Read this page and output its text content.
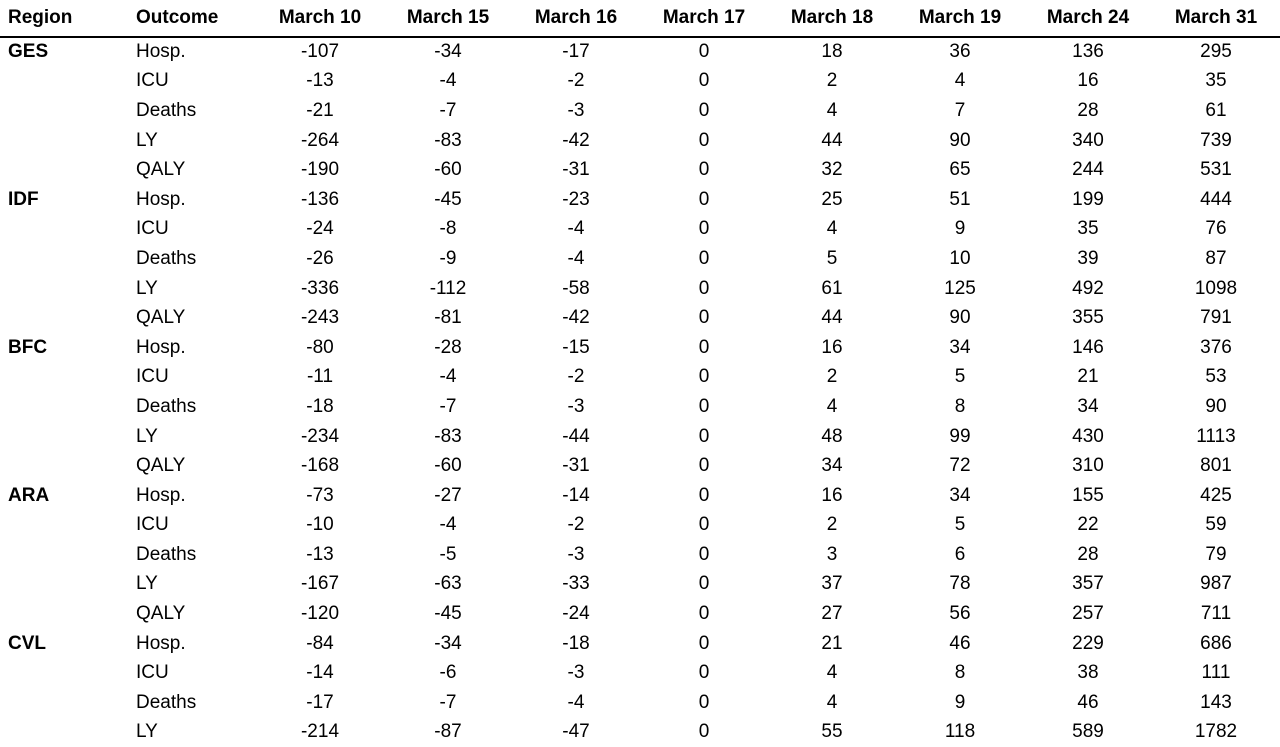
Region	Outcome	March 10	March 15	March 16	March 17	March 18	March 19	March 24	March 31
GES	Hosp.	-107	-34	-17	0	18	36	136	295
	ICU	-13	-4	-2	0	2	4	16	35
	Deaths	-21	-7	-3	0	4	7	28	61
	LY	-264	-83	-42	0	44	90	340	739
	QALY	-190	-60	-31	0	32	65	244	531
IDF	Hosp.	-136	-45	-23	0	25	51	199	444
	ICU	-24	-8	-4	0	4	9	35	76
	Deaths	-26	-9	-4	0	5	10	39	87
	LY	-336	-112	-58	0	61	125	492	1098
	QALY	-243	-81	-42	0	44	90	355	791
BFC	Hosp.	-80	-28	-15	0	16	34	146	376
	ICU	-11	-4	-2	0	2	5	21	53
	Deaths	-18	-7	-3	0	4	8	34	90
	LY	-234	-83	-44	0	48	99	430	1113
	QALY	-168	-60	-31	0	34	72	310	801
ARA	Hosp.	-73	-27	-14	0	16	34	155	425
	ICU	-10	-4	-2	0	2	5	22	59
	Deaths	-13	-5	-3	0	3	6	28	79
	LY	-167	-63	-33	0	37	78	357	987
	QALY	-120	-45	-24	0	27	56	257	711
CVL	Hosp.	-84	-34	-18	0	21	46	229	686
	ICU	-14	-6	-3	0	4	8	38	111
	Deaths	-17	-7	-4	0	4	9	46	143
	LY	-214	-87	-47	0	55	118	589	1782
